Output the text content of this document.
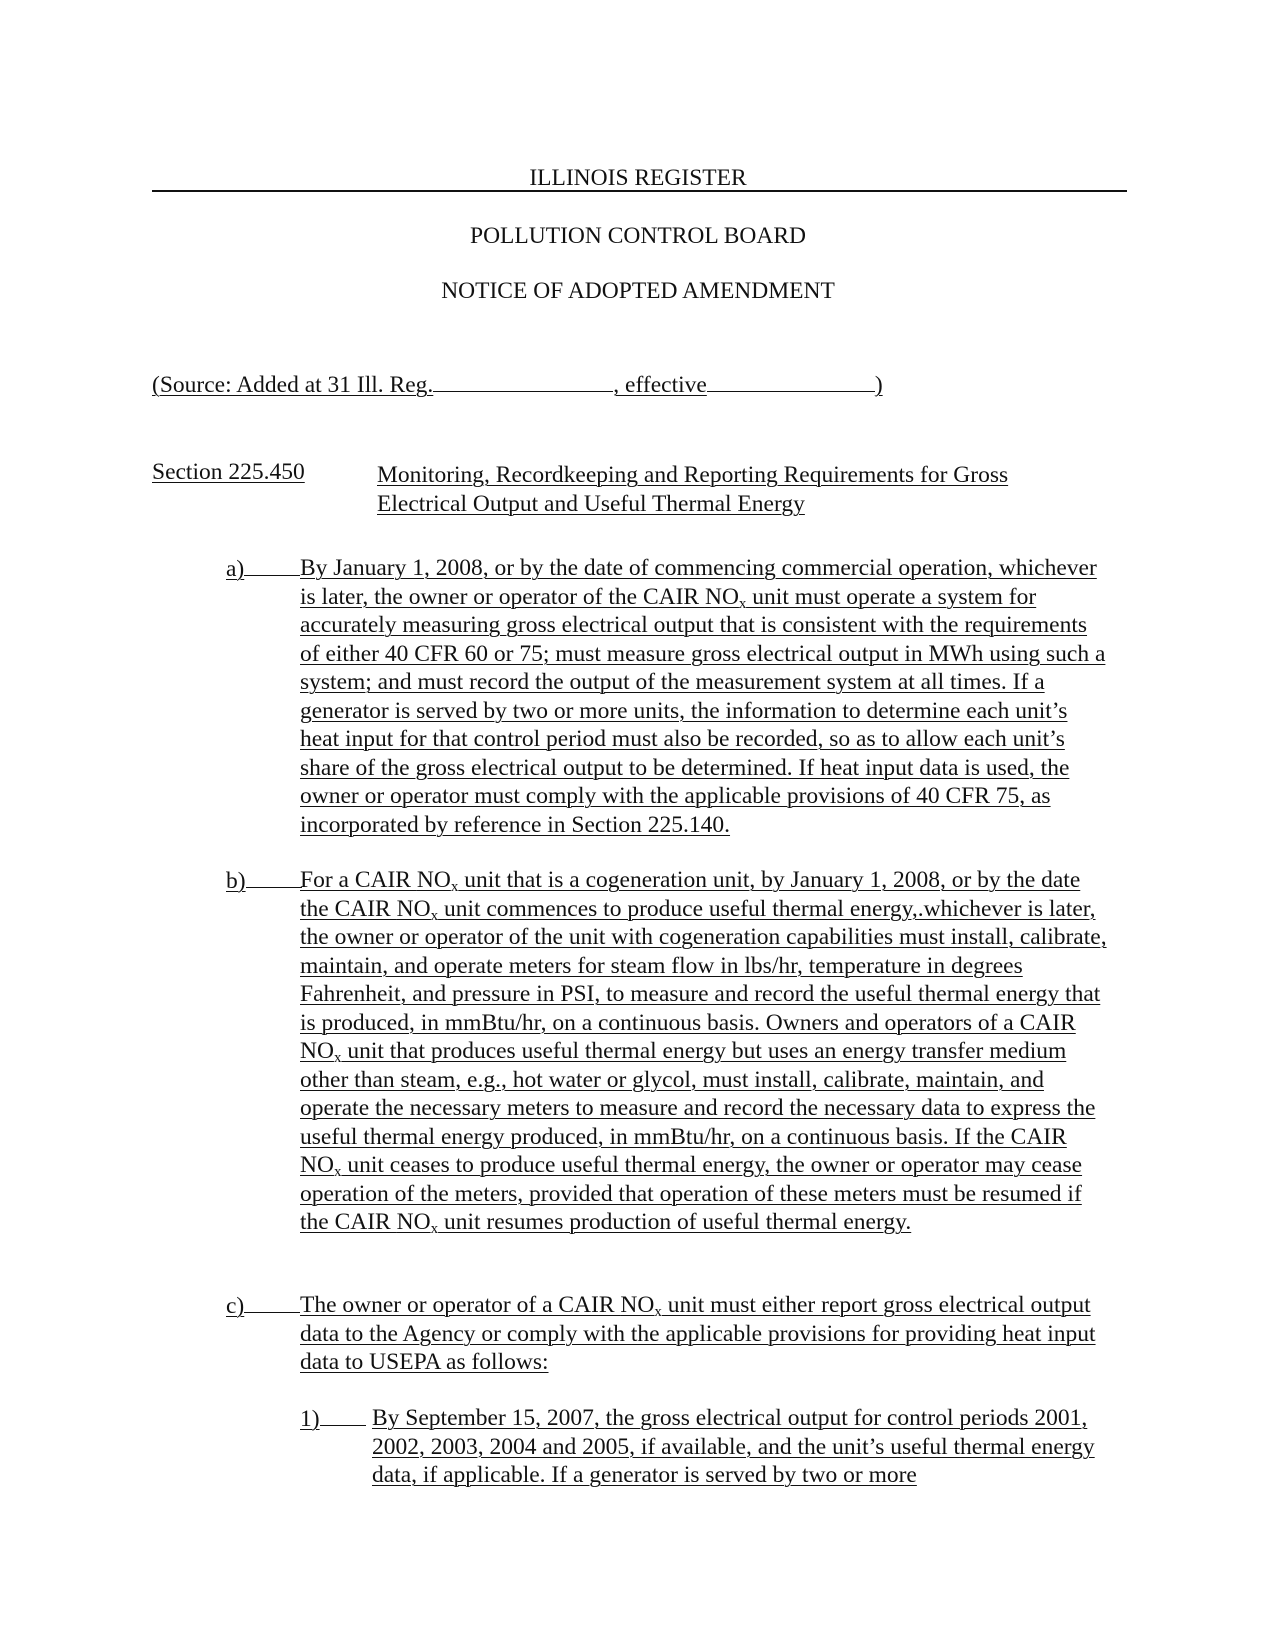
ILLINOIS REGISTER
POLLUTION CONTROL BOARD
NOTICE OF ADOPTED AMENDMENT
(Source: Added at 31 Ill. Reg.	, effective	)
Section 225.450	Monitoring, Recordkeeping and Reporting Requirements for Gross Electrical Output and Useful Thermal Energy
a)	By January 1, 2008, or by the date of commencing commercial operation, whichever is later, the owner or operator of the CAIR $NO_x$ unit must operate a system for accurately measuring gross electrical output that is consistent with the requirements of either 40 CFR 60 or 75; must measure gross electrical output in MWh using such a system; and must record the output of the measurement system at all times. If a generator is served by two or more units, the information to determine each unit’s heat input for that control period must also be recorded, so as to allow each unit’s share of the gross electrical output to be determined. If heat input data is used, the owner or operator must comply with the applicable provisions of 40 CFR 75, as incorporated by reference in Section 225.140.
b)	For a CAIR $NO_x$ unit that is a cogeneration unit, by January 1, 2008, or by the date the CAIR $NO_x$ unit commences to produce useful thermal energy,.whichever is later, the owner or operator of the unit with cogeneration capabilities must install, calibrate, maintain, and operate meters for steam flow in lbs/hr, temperature in degrees Fahrenheit, and pressure in PSI, to measure and record the useful thermal energy that is produced, in mmBtu/hr, on a continuous basis. Owners and operators of a CAIR $NO_x$ unit that produces useful thermal energy but uses an energy transfer medium other than steam, e.g., hot water or glycol, must install, calibrate, maintain, and operate the necessary meters to measure and record the necessary data to express the useful thermal energy produced, in mmBtu/hr, on a continuous basis. If the CAIR $NO_x$ unit ceases to produce useful thermal energy, the owner or operator may cease operation of the meters, provided that operation of these meters must be resumed if the CAIR $NO_x$ unit resumes production of useful thermal energy.
c)	The owner or operator of a CAIR $NO_x$ unit must either report gross electrical output data to the Agency or comply with the applicable provisions for providing heat input data to USEPA as follows:
1)	By September 15, 2007, the gross electrical output for control periods 2001, 2002, 2003, 2004 and 2005, if available, and the unit’s useful thermal energy data, if applicable. If a generator is served by two or more
